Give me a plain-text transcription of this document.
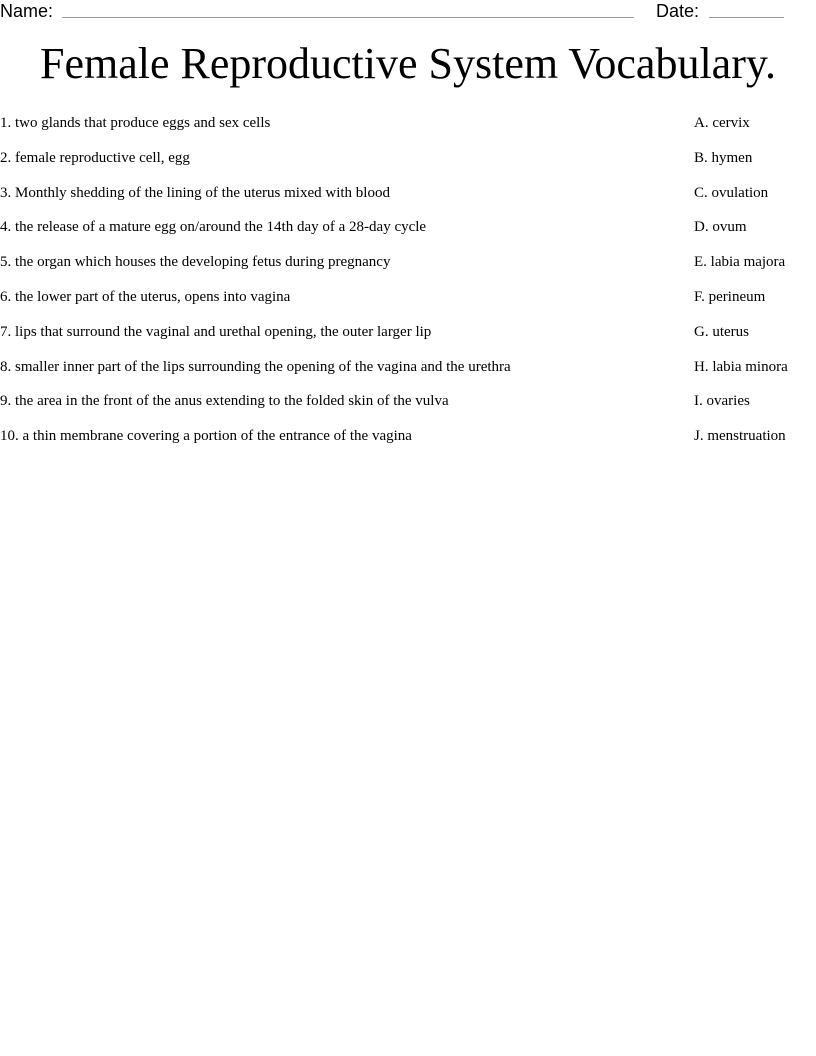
Name:	Date:
Female Reproductive System Vocabulary.
1. two glands that produce eggs and sex cells	A. cervix
2. female reproductive cell, egg	B. hymen
3. Monthly shedding of the lining of the uterus mixed with blood	C. ovulation
4. the release of a mature egg on/around the 14th day of a 28-day cycle	D. ovum
5. the organ which houses the developing fetus during pregnancy	E. labia majora
6. the lower part of the uterus, opens into vagina	F. perineum
7. lips that surround the vaginal and urethal opening, the outer larger lip	G. uterus
8. smaller inner part of the lips surrounding the opening of the vagina and the urethra	H. labia minora
9. the area in the front of the anus extending to the folded skin of the vulva	I. ovaries
10. a thin membrane covering a portion of the entrance of the vagina	J. menstruation
